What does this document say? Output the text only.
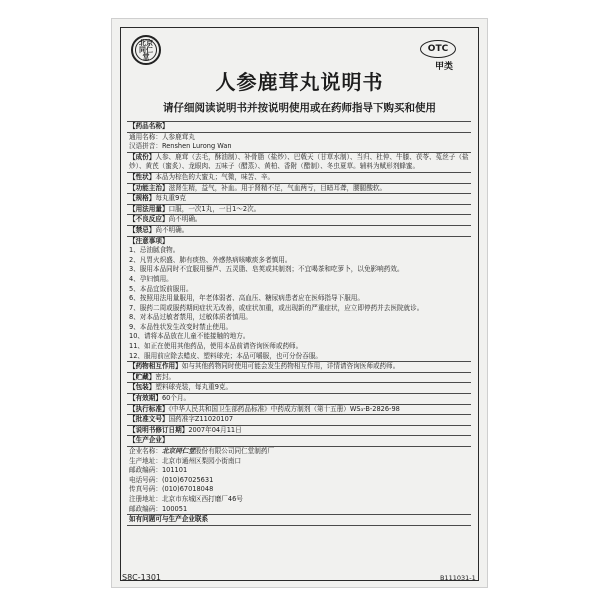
北京同仁堂
OTC
甲类
人参鹿茸丸说明书
请仔细阅读说明书并按说明使用或在药师指导下购买和使用
【药品名称】
通用名称：人参鹿茸丸
汉语拼音：Renshen Lurong Wan
【成份】人参、鹿茸（去毛，酥油制）、补骨脂（盐炒）、巴戟天（甘草水制）、当归、杜仲、牛膝、茯苓、菟丝子（盐炒）、黄芪（蜜炙）、龙眼肉、五味子（醋蒸）、黄柏、香附（醋制）、冬虫夏草。辅料为赋形剂蜂蜜。
【性状】本品为棕色的大蜜丸；气微，味苦、辛。
【功能主治】滋肾生精，益气，补血。用于肾精不足，气血两亏，目暗耳聋，腰腿酸软。
【规格】每丸重9克
【用法用量】口服，一次1丸，一日1～2次。
【不良反应】尚不明确。
【禁忌】尚不明确。
【注意事项】
1、忌油腻食物。
2、凡胃火炽盛、肺有痰热、外感热病咳嗽痰多者慎用。
3、服用本品同时不宜服用藜芦、五灵脂、皂荚或其制剂；不宜喝茶和吃萝卜，以免影响药效。
4、孕妇慎用。
5、本品宜饭前服用。
6、按照用法用量服用，年老体弱者、高血压、糖尿病患者应在医师指导下服用。
7、服药二周或服药期间症状无改善，或症状加重，或出现新的严重症状，应立即停药并去医院就诊。
8、对本品过敏者禁用，过敏体质者慎用。
9、本品性状发生改变时禁止使用。
10、请将本品放在儿童不能接触的地方。
11、如正在使用其他药品，使用本品前请咨询医师或药师。
12、服用前应除去蜡皮、塑料球壳；本品可嚼服，也可分份吞服。
【药物相互作用】如与其他药物同时使用可能会发生药物相互作用，详情请咨询医师或药师。
【贮藏】密封。
【包装】塑料球壳装，每丸重9克。
【有效期】60个月。
【执行标准】《中华人民共和国卫生部药品标准》中药成方制剂（第十五册）WS₃-B-2826-98
【批准文号】国药准字Z11020107
【说明书修订日期】2007年04月11日
【生产企业】
企业名称：北京同仁堂股份有限公司同仁堂制药厂
生产地址：北京市通州区梨园小街南口
邮政编码：101101
电话号码：(010)67025631
传真号码：(010)67018048
注册地址：北京市东城区西打磨厂46号
邮政编码：100051
如有问题可与生产企业联系
S8C-1301	B111031-1
